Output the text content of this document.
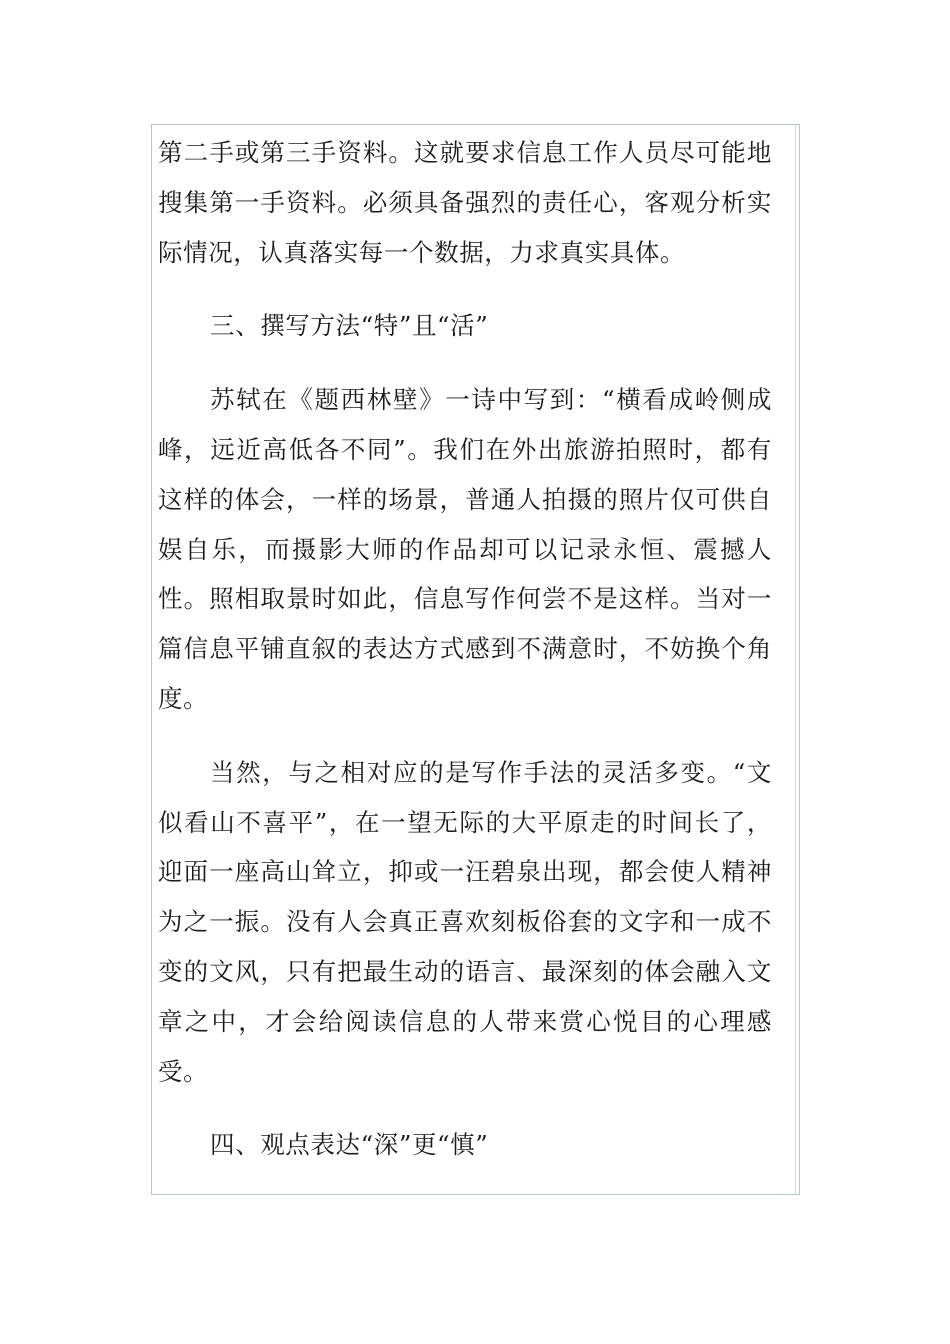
第二手或第三手资料。这就要求信息工作人员尽可能地搜集第一手资料。必须具备强烈的责任心，客观分析实际情况，认真落实每一个数据，力求真实具体。

三、撰写方法“特”且“活”

苏轼在《题西林壁》一诗中写到：“横看成岭侧成峰，远近高低各不同”。我们在外出旅游拍照时，都有这样的体会，一样的场景，普通人拍摄的照片仅可供自娱自乐，而摄影大师的作品却可以记录永恒、震撼人性。照相取景时如此，信息写作何尝不是这样。当对一篇信息平铺直叙的表达方式感到不满意时，不妨换个角度。

当然，与之相对应的是写作手法的灵活多变。“文似看山不喜平”，在一望无际的大平原走的时间长了，迎面一座高山耸立，抑或一汪碧泉出现，都会使人精神为之一振。没有人会真正喜欢刻板俗套的文字和一成不变的文风，只有把最生动的语言、最深刻的体会融入文章之中，才会给阅读信息的人带来赏心悦目的心理感受。

四、观点表达“深”更“慎”
